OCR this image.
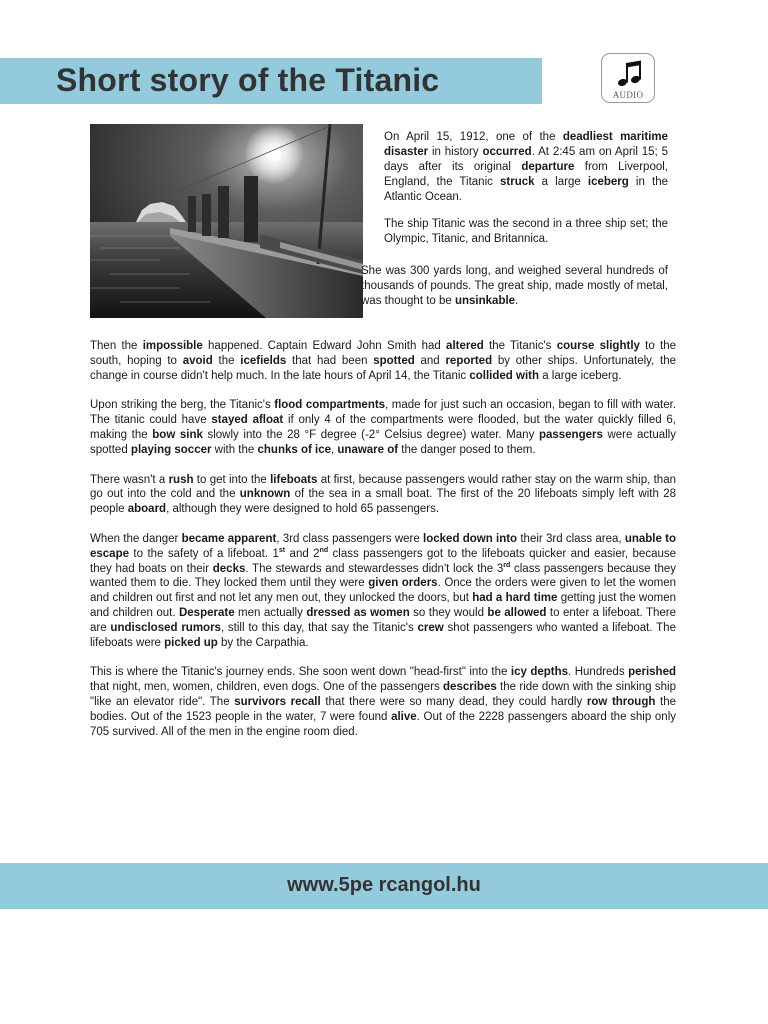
Short story of the Titanic	AUDIO

On April 15, 1912, one of the deadliest maritime disaster in history occurred. At 2:45 am on April 15; 5 days after its original departure from Liverpool, England, the Titanic struck a large iceberg in the Atlantic Ocean.

The ship Titanic was the second in a three ship set; the Olympic, Titanic, and Britannica.

She was 300 yards long, and weighed several hundreds of thousands of pounds. The great ship, made mostly of metal, was thought to be unsinkable.

Then the impossible happened. Captain Edward John Smith had altered the Titanic's course slightly to the south, hoping to avoid the icefields that had been spotted and reported by other ships. Unfortunately, the change in course didn't help much. In the late hours of April 14, the Titanic collided with a large iceberg.

Upon striking the berg, the Titanic's flood compartments, made for just such an occasion, began to fill with water. The titanic could have stayed afloat if only 4 of the compartments were flooded, but the water quickly filled 6, making the bow sink slowly into the 28 °F degree (-2° Celsius degree) water. Many passengers were actually spotted playing soccer with the chunks of ice, unaware of the danger posed to them.

There wasn't a rush to get into the lifeboats at first, because passengers would rather stay on the warm ship, than go out into the cold and the unknown of the sea in a small boat. The first of the 20 lifeboats simply left with 28 people aboard, although they were designed to hold 65 passengers.

When the danger became apparent, 3rd class passengers were locked down into their 3rd class area, unable to escape to the safety of a lifeboat. 1st and 2nd class passengers got to the lifeboats quicker and easier, because they had boats on their decks. The stewards and stewardesses didn't lock the 3rd class passengers because they wanted them to die. They locked them until they were given orders. Once the orders were given to let the women and children out first and not let any men out, they unlocked the doors, but had a hard time getting just the women and children out. Desperate men actually dressed as women so they would be allowed to enter a lifeboat. There are undisclosed rumors, still to this day, that say the Titanic's crew shot passengers who wanted a lifeboat. The lifeboats were picked up by the Carpathia.

This is where the Titanic's journey ends. She soon went down "head-first" into the icy depths. Hundreds perished that night, men, women, children, even dogs. One of the passengers describes the ride down with the sinking ship "like an elevator ride". The survivors recall that there were so many dead, they could hardly row through the bodies. Out of the 1523 people in the water, 7 were found alive. Out of the 2228 passengers aboard the ship only 705 survived. All of the men in the engine room died.

www.5pe rcangol.hu
